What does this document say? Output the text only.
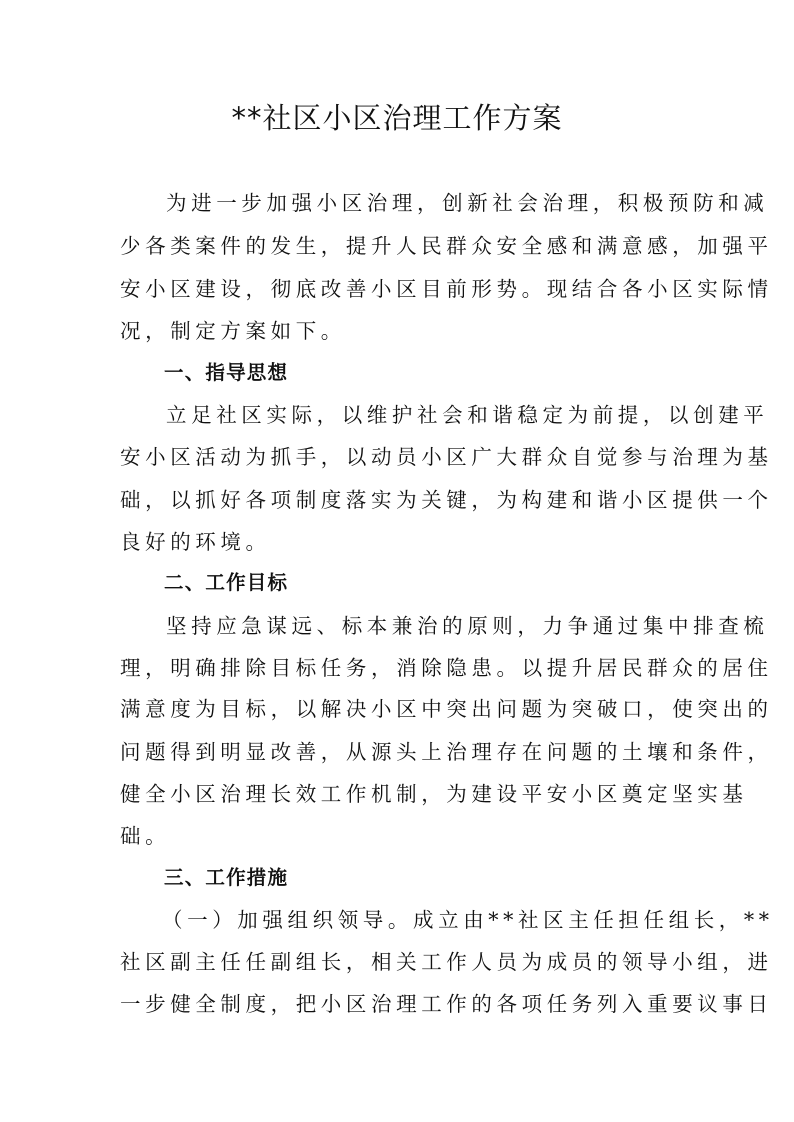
**社区小区治理工作方案

为进一步加强小区治理，创新社会治理，积极预防和减

少各类案件的发生，提升人民群众安全感和满意感，加强平

安小区建设，彻底改善小区目前形势。现结合各小区实际情

况，制定方案如下。

一、指导思想

立足社区实际，以维护社会和谐稳定为前提，以创建平

安小区活动为抓手，以动员小区广大群众自觉参与治理为基

础，以抓好各项制度落实为关键，为构建和谐小区提供一个

良好的环境。

二、工作目标

坚持应急谋远、标本兼治的原则，力争通过集中排查梳

理，明确排除目标任务，消除隐患。以提升居民群众的居住

满意度为目标，以解决小区中突出问题为突破口，使突出的

问题得到明显改善，从源头上治理存在问题的土壤和条件，

健全小区治理长效工作机制，为建设平安小区奠定坚实基

础。

三、工作措施

（一）加强组织领导。成立由**社区主任担任组长，**

社区副主任任副组长，相关工作人员为成员的领导小组，进

一步健全制度，把小区治理工作的各项任务列入重要议事日
